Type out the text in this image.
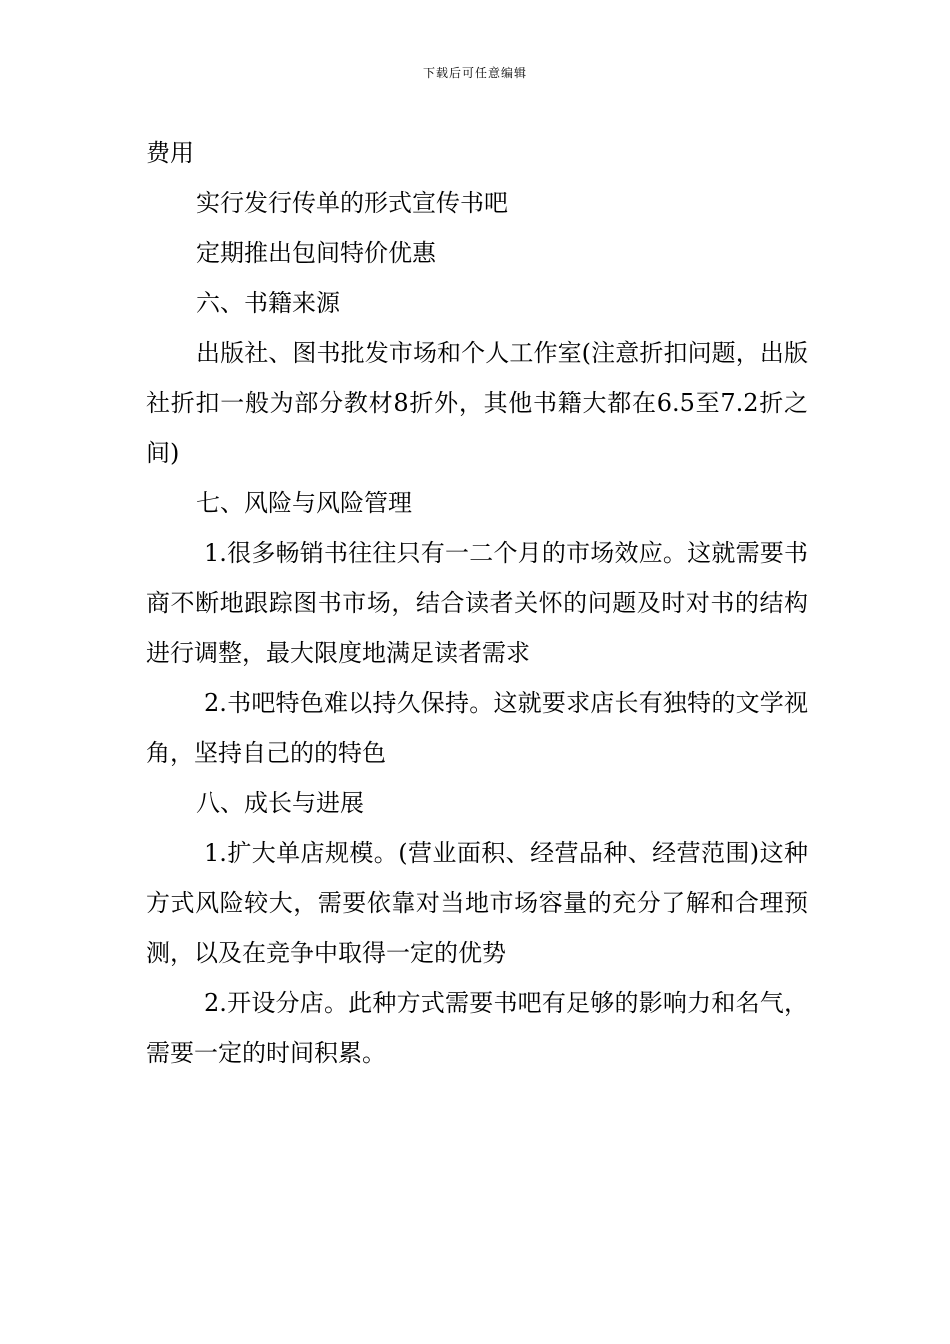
下载后可任意编辑

费用

实行发行传单的形式宣传书吧

定期推出包间特价优惠

六、书籍来源

出版社、图书批发市场和个人工作室(注意折扣问题，出版社折扣一般为部分教材8折外，其他书籍大都在6.5至7.2折之间)

七、风险与风险管理

1.很多畅销书往往只有一二个月的市场效应。这就需要书商不断地跟踪图书市场，结合读者关怀的问题及时对书的结构进行调整，最大限度地满足读者需求

2.书吧特色难以持久保持。这就要求店长有独特的文学视角，坚持自己的的特色

八、成长与进展

1.扩大单店规模。(营业面积、经营品种、经营范围)这种方式风险较大，需要依靠对当地市场容量的充分了解和合理预测，以及在竞争中取得一定的优势

2.开设分店。此种方式需要书吧有足够的影响力和名气，需要一定的时间积累。
